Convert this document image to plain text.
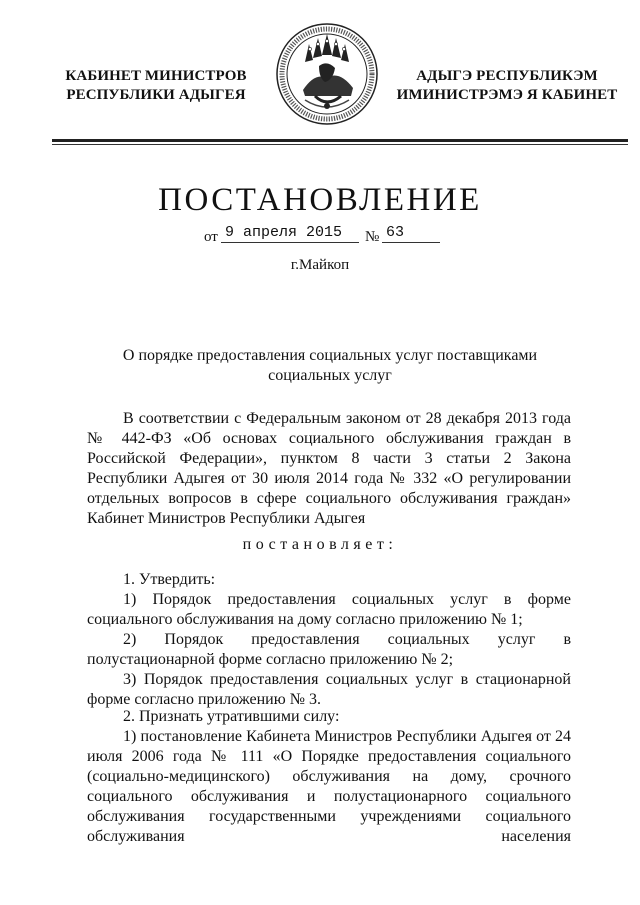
КАБИНЕТ МИНИСТРОВ
РЕСПУБЛИКИ АДЫГЕЯ
АДЫГЭ РЕСПУБЛИКЭМ
ИМИНИСТРЭМЭ Я КАБИНЕТ
ПОСТАНОВЛЕНИЕ
от 9 апреля 2015	№ 63
г.Майкоп
О порядке предоставления социальных услуг поставщиками
социальных услуг

В соответствии с Федеральным законом от 28 декабря 2013 года № 442-ФЗ «Об основах социального обслуживания граждан в Российской Федерации», пунктом 8 части 3 статьи 2 Закона Республики Адыгея от 30 июля 2014 года № 332 «О регулировании отдельных вопросов в сфере социального обслуживания граждан» Кабинет Министров Республики Адыгея

постановляет:

1. Утвердить:

1) Порядок предоставления социальных услуг в форме социального обслуживания на дому согласно приложению № 1;

2) Порядок предоставления социальных услуг в полустационарной форме согласно приложению № 2;

3) Порядок предоставления социальных услуг в стационарной форме согласно приложению № 3.

2. Признать утратившими силу:

1) постановление Кабинета Министров Республики Адыгея от 24 июля 2006 года № 111 «О Порядке предоставления социального (социально-медицинского) обслуживания на дому, срочного социального обслуживания и полустационарного социального обслуживания государственными учреждениями социального обслуживания населения
